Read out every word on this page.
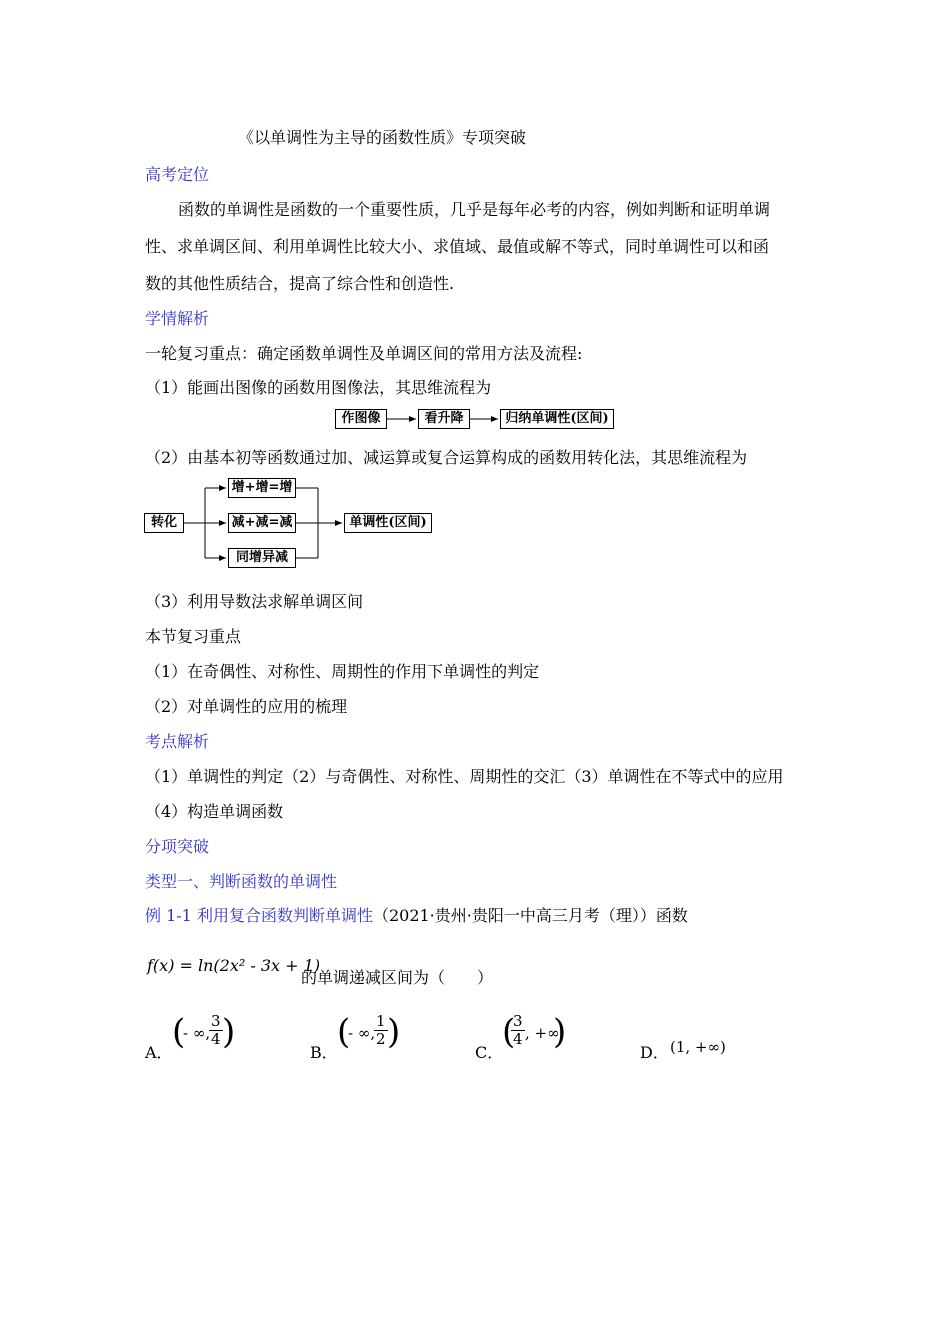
《以单调性为主导的函数性质》专项突破
高考定位
函数的单调性是函数的一个重要性质，几乎是每年必考的内容，例如判断和证明单调
性、求单调区间、利用单调性比较大小、求值域、最值或解不等式，同时单调性可以和函
数的其他性质结合，提高了综合性和创造性.
学情解析
一轮复习重点：确定函数单调性及单调区间的常用方法及流程:
（1）能画出图像的函数用图像法，其思维流程为
作图像	看升降	归纳单调性(区间)
（2）由基本初等函数通过加、减运算或复合运算构成的函数用转化法，其思维流程为
转化
增+增=增
减+减=减
同增异减
单调性(区间)
（3）利用导数法求解单调区间
本节复习重点
（1）在奇偶性、对称性、周期性的作用下单调性的判定
（2）对单调性的应用的梳理
考点解析
（1）单调性的判定（2）与奇偶性、对称性、周期性的交汇（3）单调性在不等式中的应用
（4）构造单调函数
分项突破
类型一、判断函数的单调性
例 1-1 利用复合函数判断单调性（2021·贵州·贵阳一中高三月考（理））函数
f(x) = ln(2x² - 3x + 1)
的单调递减区间为（　　）
A．
(
- ∞,
$\frac{3}{4}$ )
B．
(
- ∞,
$\frac{1}{2}$ )
C．
(
$\frac{3}{4}$ , +∞
)
D． (1, +∞)
